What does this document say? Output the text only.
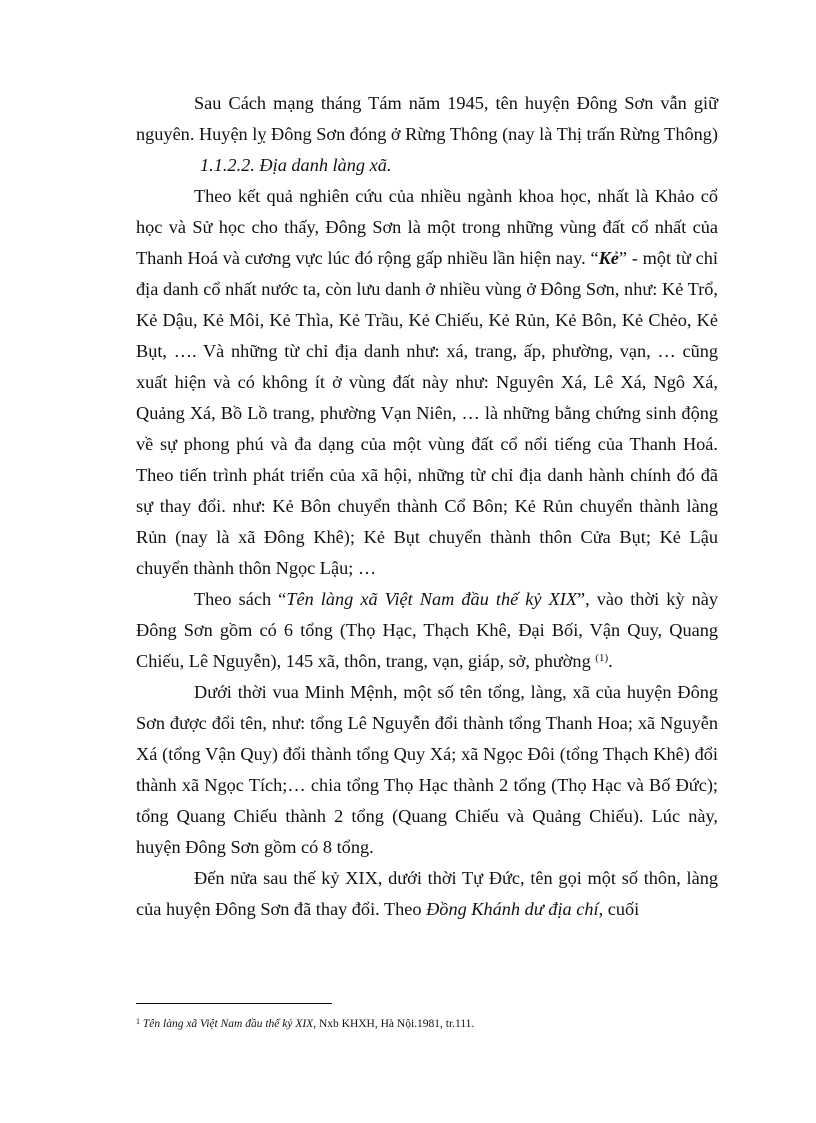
Sau Cách mạng tháng Tám năm 1945, tên huyện Đông Sơn vẫn giữ nguyên. Huyện lỵ Đông Sơn đóng ở Rừng Thông (nay là Thị trấn Rừng Thông)

1.1.2.2. Địa danh làng xã.

Theo kết quả nghiên cứu của nhiều ngành khoa học, nhất là Khảo cổ học và Sử học cho thấy, Đông Sơn là một trong những vùng đất cổ nhất của Thanh Hoá và cương vực lúc đó rộng gấp nhiều lần hiện nay. “Kẻ” - một từ chỉ địa danh cổ nhất nước ta, còn lưu danh ở nhiều vùng ở Đông Sơn, như: Kẻ Trổ, Kẻ Dậu, Kẻ Môi, Kẻ Thìa, Kẻ Trầu, Kẻ Chiếu, Kẻ Rủn, Kẻ Bôn, Kẻ Chẻo, Kẻ Bụt, …. Và những từ chỉ địa danh như: xá, trang, ấp, phường, vạn, … cũng xuất hiện và có không ít ở vùng đất này như: Nguyên Xá, Lê Xá, Ngô Xá, Quảng Xá, Bồ Lồ trang, phường Vạn Niên, … là những bằng chứng sinh động về sự phong phú và đa dạng của một vùng đất cổ nổi tiếng của Thanh Hoá. Theo tiến trình phát triển của xã hội, những từ chỉ địa danh hành chính đó đã sự thay đổi. như: Kẻ Bôn chuyển thành Cổ Bôn; Kẻ Rủn chuyển thành làng Rủn (nay là xã Đông Khê); Kẻ Bụt chuyển thành thôn Cửa Bụt; Kẻ Lậu chuyển thành thôn Ngọc Lậu; …

Theo sách “Tên làng xã Việt Nam đầu thế kỷ XIX”, vào thời kỳ này Đông Sơn gồm có 6 tổng (Thọ Hạc, Thạch Khê, Đại Bối, Vận Quy, Quang Chiếu, Lê Nguyễn), 145 xã, thôn, trang, vạn, giáp, sở, phường $^{(1)}$.

Dưới thời vua Minh Mệnh, một số tên tổng, làng, xã của huyện Đông Sơn được đổi tên, như: tổng Lê Nguyễn đổi thành tổng Thanh Hoa; xã Nguyễn Xá (tổng Vận Quy) đổi thành tổng Quy Xá; xã Ngọc Đôi (tổng Thạch Khê) đổi thành xã Ngọc Tích;… chia tổng Thọ Hạc thành 2 tổng (Thọ Hạc và Bố Đức); tổng Quang Chiếu thành 2 tổng (Quang Chiếu và Quảng Chiếu). Lúc này, huyện Đông Sơn gồm có 8 tổng.

Đến nửa sau thế kỷ XIX, dưới thời Tự Đức, tên gọi một số thôn, làng của huyện Đông Sơn đã thay đổi. Theo Đồng Khánh dư địa chí, cuối

$^1$ Tên làng xã Việt Nam đầu thế kỷ XIX, Nxb KHXH, Hà Nội.1981, tr.111.
